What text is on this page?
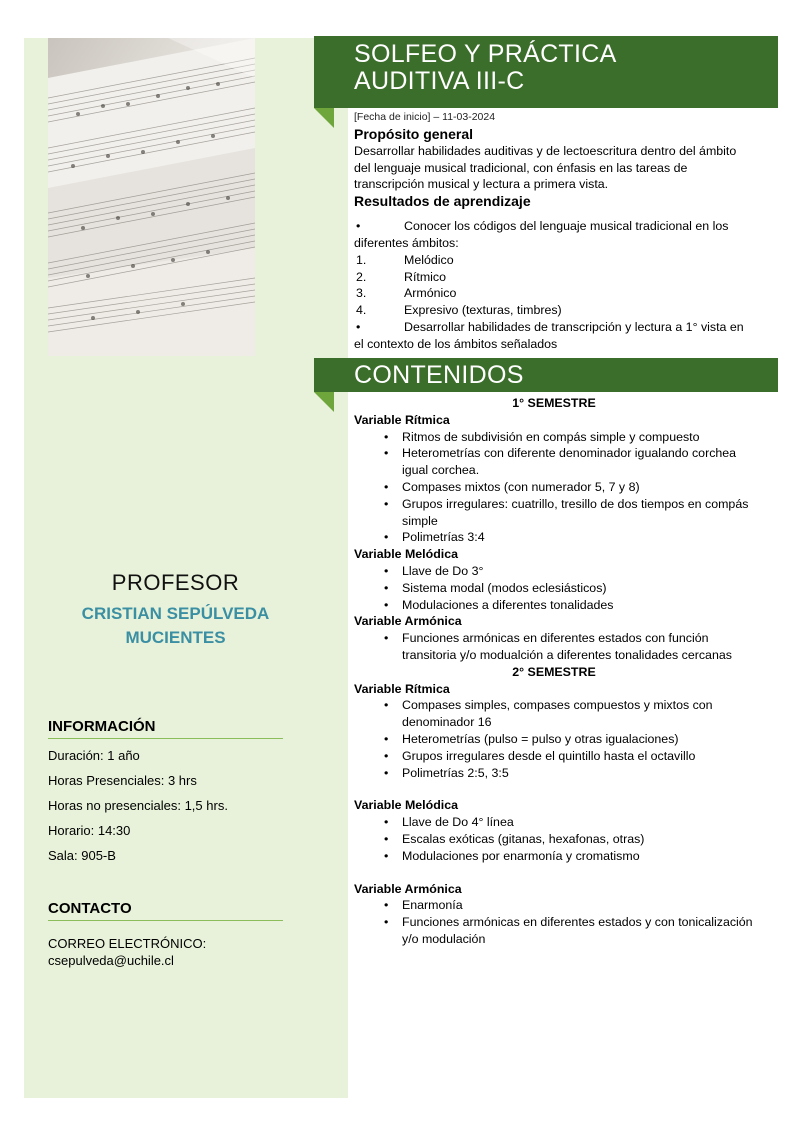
SOLFEO Y PRÁCTICA
AUDITIVA III-C
[Fecha de inicio] – 11-03-2024
Propósito general

Desarrollar habilidades auditivas y de lectoescritura dentro del ámbito del lenguaje musical tradicional, con énfasis en las tareas de transcripción musical y lectura a primera vista.

Resultados de aprendizaje
•	Conocer los códigos del lenguaje musical tradicional en los diferentes ámbitos:
1.	Melódico
2.	Rítmico
3.	Armónico
4.	Expresivo (texturas, timbres)
•	Desarrollar habilidades de transcripción y lectura a 1° vista en el contexto de los ámbitos señalados
CONTENIDOS
1° SEMESTRE
Variable Rítmica
• Ritmos de subdivisión en compás simple y compuesto
• Heterometrías con diferente denominador igualando corchea igual corchea.
• Compases mixtos (con numerador 5, 7 y 8)
• Grupos irregulares: cuatrillo, tresillo de dos tiempos en compás simple
• Polimetrías 3:4
Variable Melódica
• Llave de Do 3°
• Sistema modal (modos eclesiásticos)
• Modulaciones a diferentes tonalidades
Variable Armónica
• Funciones armónicas en diferentes estados con función transitoria y/o modualción a diferentes tonalidades cercanas
2° SEMESTRE
Variable Rítmica
• Compases simples, compases compuestos y mixtos con denominador 16
• Heterometrías (pulso = pulso y otras igualaciones)
• Grupos irregulares desde el quintillo hasta el octavillo
• Polimetrías 2:5, 3:5
Variable Melódica
• Llave de Do 4° línea
• Escalas exóticas (gitanas, hexafonas, otras)
• Modulaciones por enarmonía y cromatismo
Variable Armónica
• Enarmonía
• Funciones armónicas en diferentes estados y con tonicalización y/o modulación
PROFESOR
CRISTIAN SEPÚLVEDA
MUCIENTES
INFORMACIÓN
Duración: 1 año
Horas Presenciales: 3 hrs
Horas no presenciales: 1,5 hrs.
Horario: 14:30
Sala: 905-B
CONTACTO
CORREO ELECTRÓNICO:
csepulveda@uchile.cl
